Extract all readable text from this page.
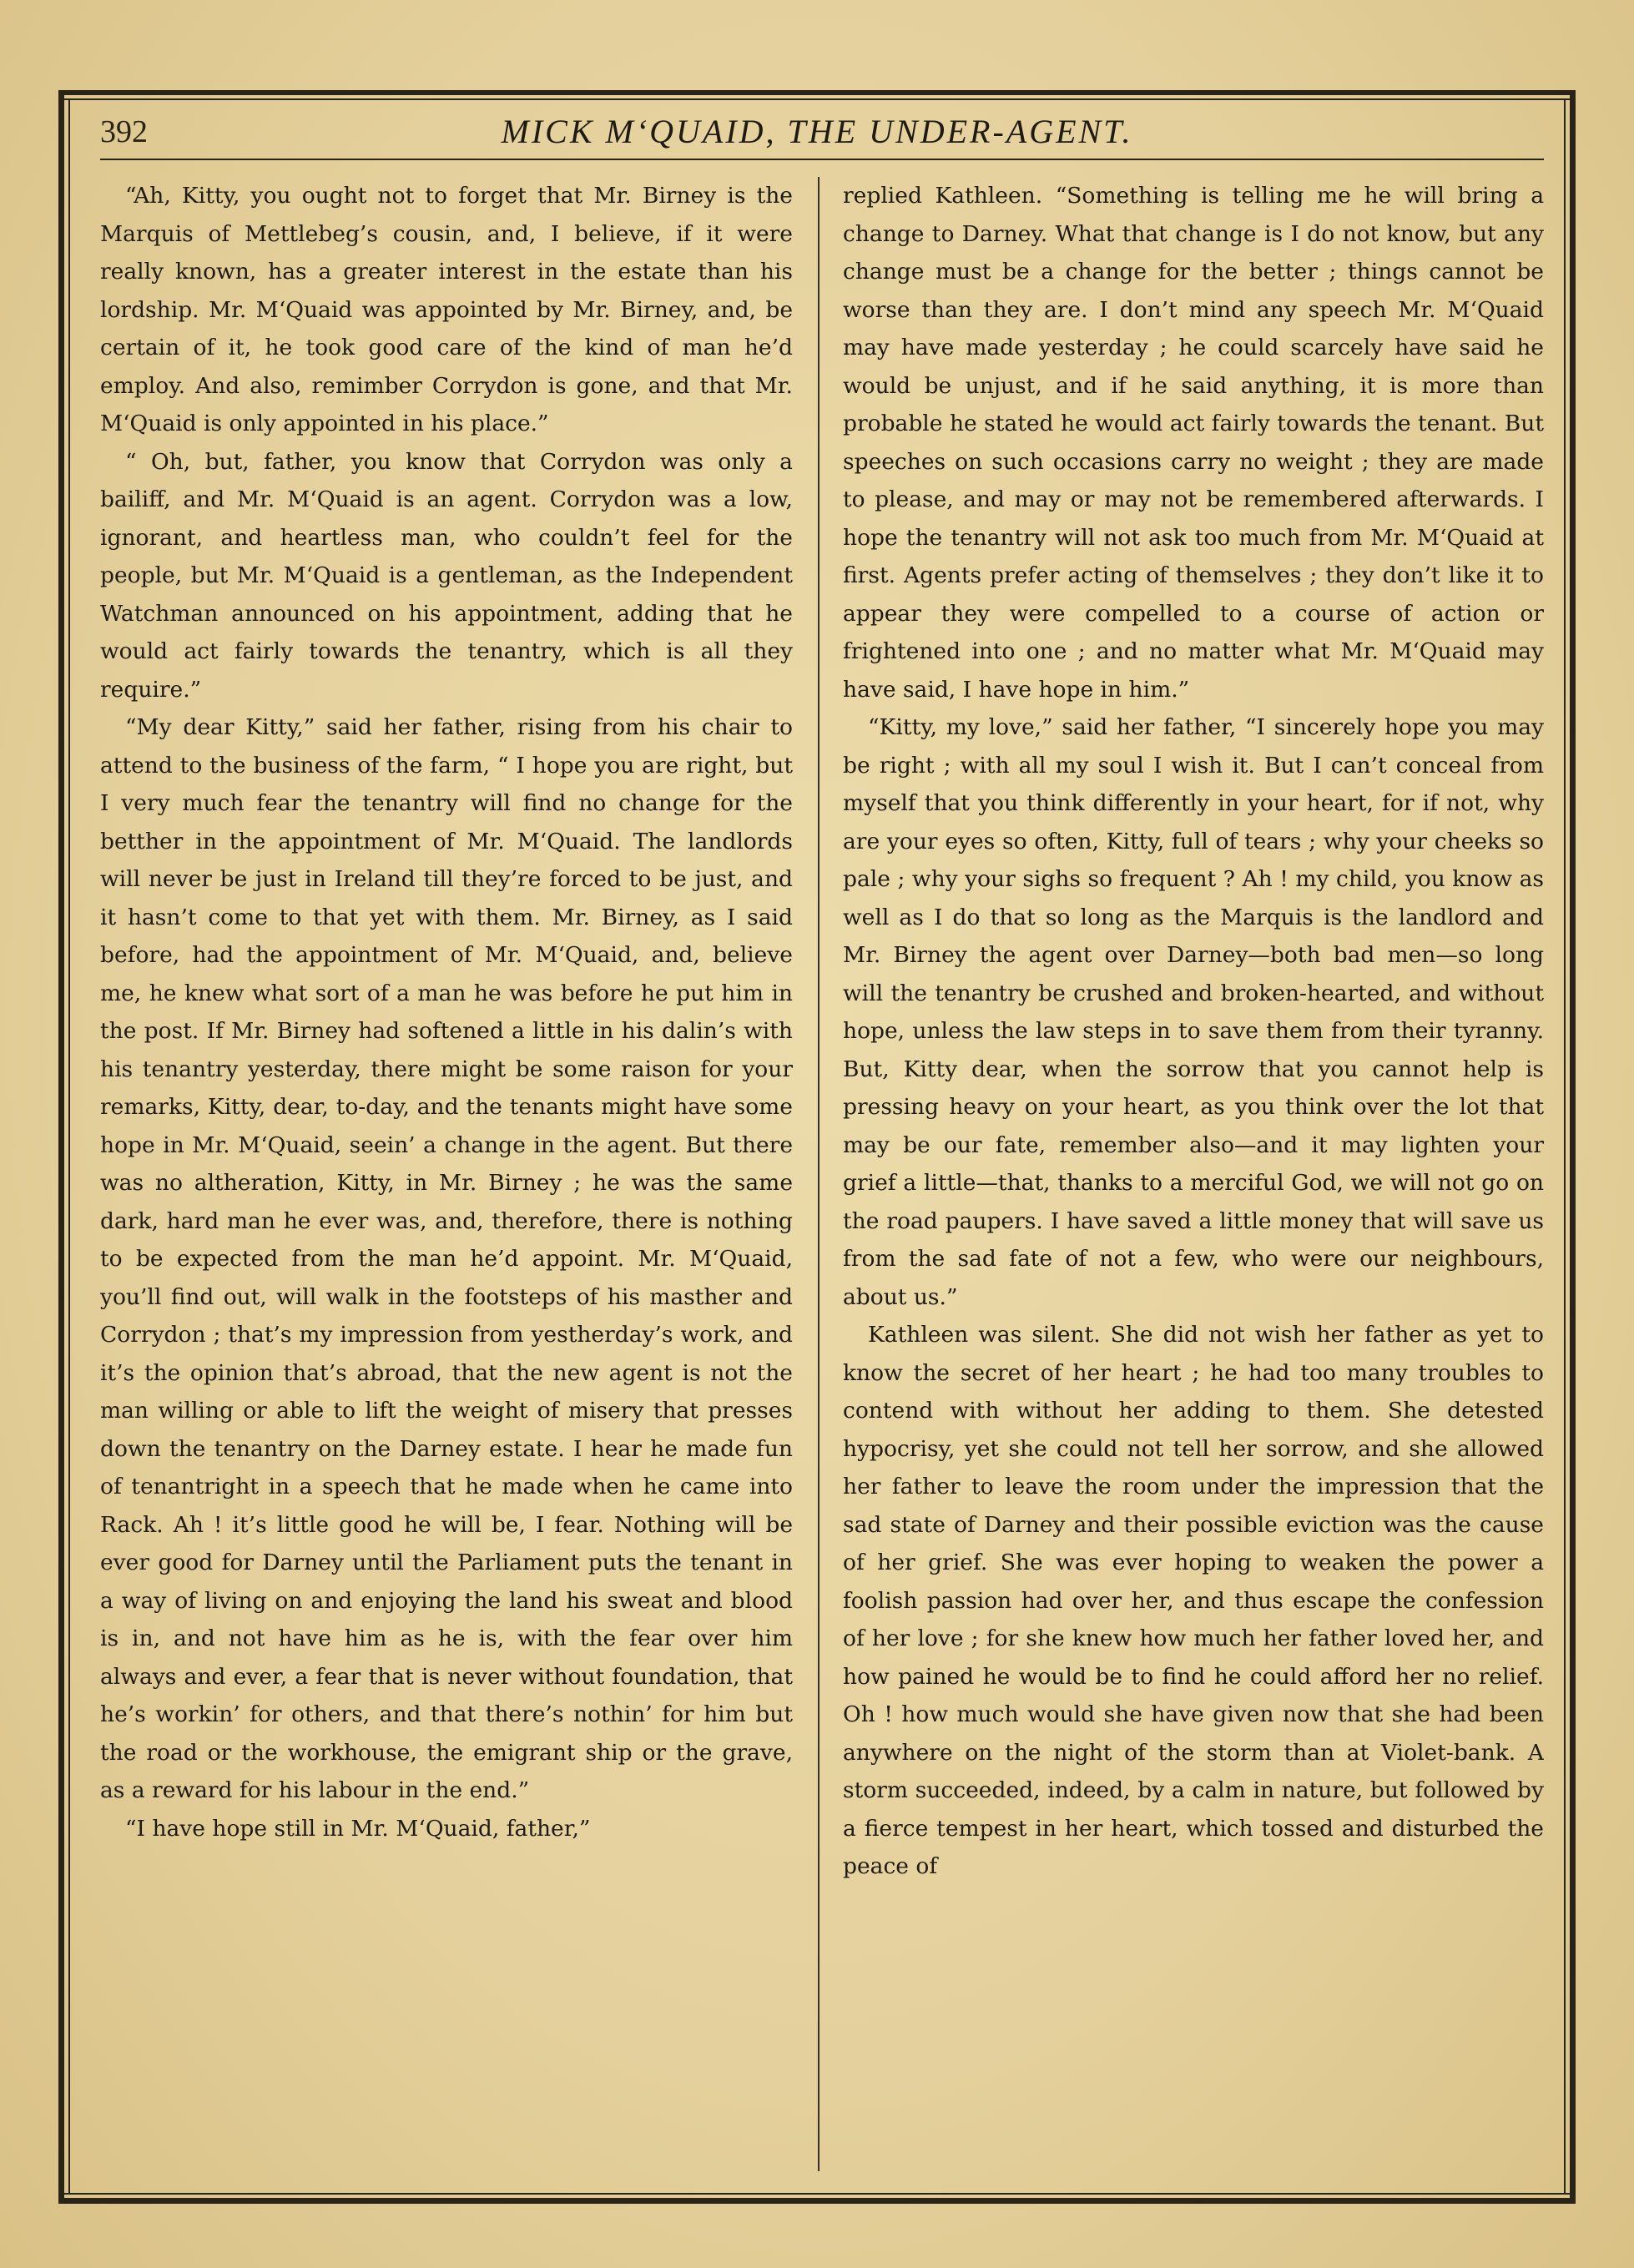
392	MICK M‘QUAID, THE UNDER-AGENT.

“Ah, Kitty, you ought not to forget that Mr. Birney is the Marquis of Mettlebeg’s cousin, and, I believe, if it were really known, has a greater interest in the estate than his lordship. Mr. M‘Quaid was appointed by Mr. Birney, and, be certain of it, he took good care of the kind of man he’d employ. And also, remimber Corrydon is gone, and that Mr. M‘Quaid is only appointed in his place.”

“ Oh, but, father, you know that Corrydon was only a bailiff, and Mr. M‘Quaid is an agent. Corrydon was a low, ignorant, and heartless man, who couldn’t feel for the people, but Mr. M‘Quaid is a gentleman, as the Independent Watchman announced on his appointment, adding that he would act fairly towards the tenantry, which is all they require.”

“My dear Kitty,” said her father, rising from his chair to attend to the business of the farm, “ I hope you are right, but I very much fear the tenantry will find no change for the betther in the appointment of Mr. M‘Quaid. The landlords will never be just in Ireland till they’re forced to be just, and it hasn’t come to that yet with them. Mr. Birney, as I said before, had the appointment of Mr. M‘Quaid, and, believe me, he knew what sort of a man he was before he put him in the post. If Mr. Birney had softened a little in his dalin’s with his tenantry yesterday, there might be some raison for your remarks, Kitty, dear, to-day, and the tenants might have some hope in Mr. M‘Quaid, seein’ a change in the agent. But there was no altheration, Kitty, in Mr. Birney ; he was the same dark, hard man he ever was, and, therefore, there is nothing to be expected from the man he’d appoint. Mr. M‘Quaid, you’ll find out, will walk in the footsteps of his masther and Corrydon ; that’s my impression from yestherday’s work, and it’s the opinion that’s abroad, that the new agent is not the man willing or able to lift the weight of misery that presses down the tenantry on the Darney estate. I hear he made fun of tenantright in a speech that he made when he came into Rack. Ah ! it’s little good he will be, I fear. Nothing will be ever good for Darney until the Parliament puts the tenant in a way of living on and enjoying the land his sweat and blood is in, and not have him as he is, with the fear over him always and ever, a fear that is never without foundation, that he’s workin’ for others, and that there’s nothin’ for him but the road or the workhouse, the emigrant ship or the grave, as a reward for his labour in the end.”

“I have hope still in Mr. M‘Quaid, father,”

replied Kathleen. “Something is telling me he will bring a change to Darney. What that change is I do not know, but any change must be a change for the better ; things cannot be worse than they are. I don’t mind any speech Mr. M‘Quaid may have made yesterday ; he could scarcely have said he would be unjust, and if he said anything, it is more than probable he stated he would act fairly towards the tenant. But speeches on such occasions carry no weight ; they are made to please, and may or may not be remembered afterwards. I hope the tenantry will not ask too much from Mr. M‘Quaid at first. Agents prefer acting of themselves ; they don’t like it to appear they were compelled to a course of action or frightened into one ; and no matter what Mr. M‘Quaid may have said, I have hope in him.”

“Kitty, my love,” said her father, “I sincerely hope you may be right ; with all my soul I wish it. But I can’t conceal from myself that you think differently in your heart, for if not, why are your eyes so often, Kitty, full of tears ; why your cheeks so pale ; why your sighs so frequent ? Ah ! my child, you know as well as I do that so long as the Marquis is the landlord and Mr. Birney the agent over Darney—both bad men—so long will the tenantry be crushed and broken-hearted, and without hope, unless the law steps in to save them from their tyranny. But, Kitty dear, when the sorrow that you cannot help is pressing heavy on your heart, as you think over the lot that may be our fate, remember also—and it may lighten your grief a little—that, thanks to a merciful God, we will not go on the road paupers. I have saved a little money that will save us from the sad fate of not a few, who were our neighbours, about us.”

Kathleen was silent. She did not wish her father as yet to know the secret of her heart ; he had too many troubles to contend with without her adding to them. She detested hypocrisy, yet she could not tell her sorrow, and she allowed her father to leave the room under the impression that the sad state of Darney and their possible eviction was the cause of her grief. She was ever hoping to weaken the power a foolish passion had over her, and thus escape the confession of her love ; for she knew how much her father loved her, and how pained he would be to find he could afford her no relief. Oh ! how much would she have given now that she had been anywhere on the night of the storm than at Violet-bank. A storm succeeded, indeed, by a calm in nature, but followed by a fierce tempest in her heart, which tossed and disturbed the peace of
